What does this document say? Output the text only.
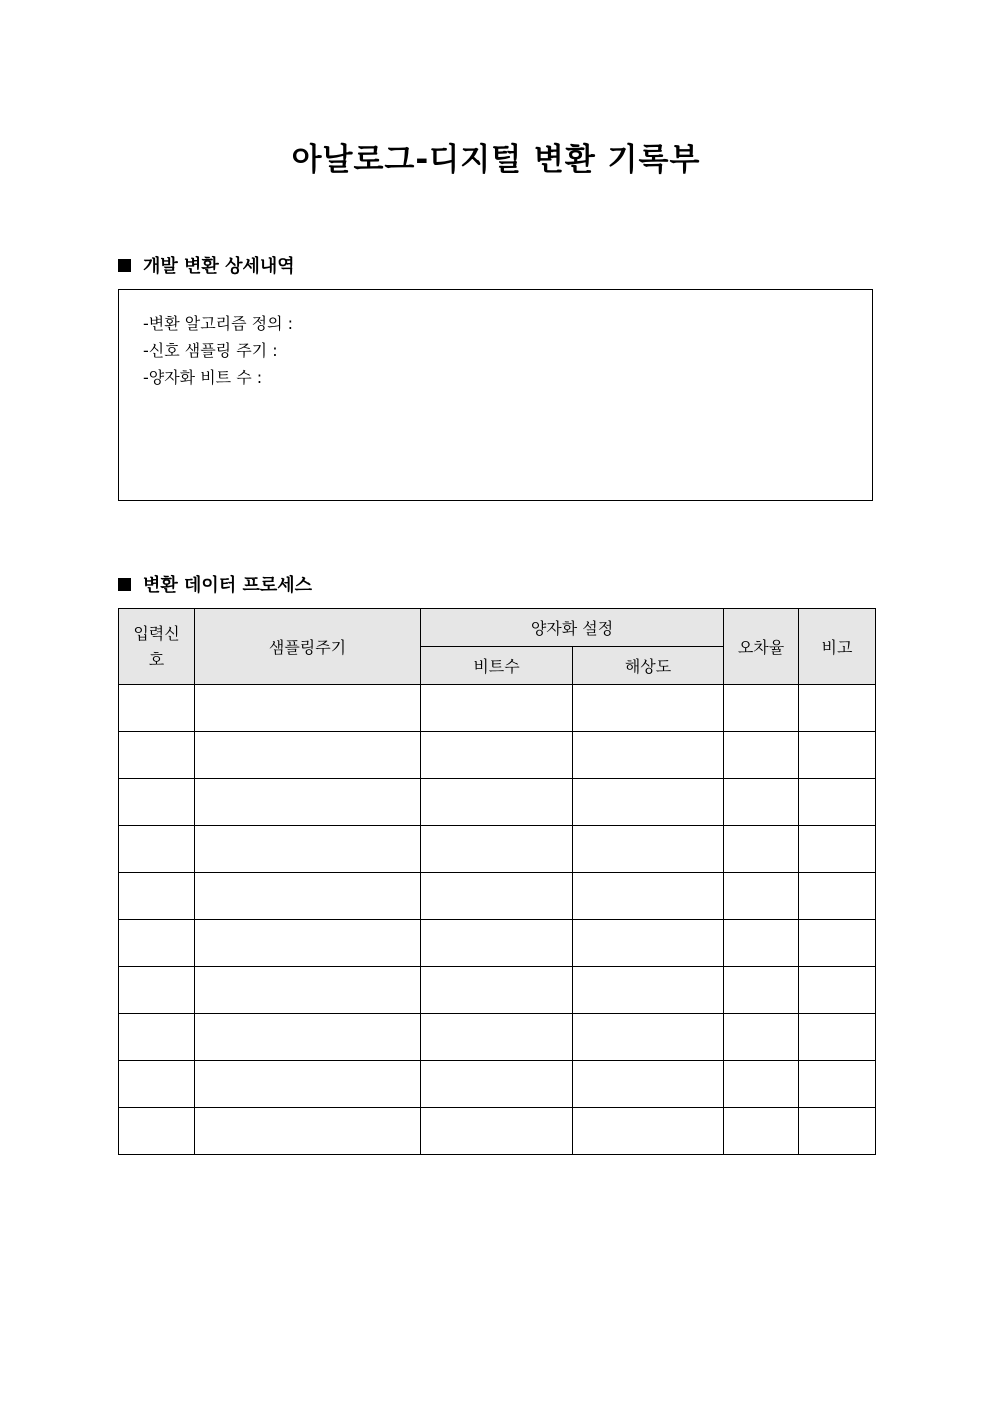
아날로그-디지털 변환 기록부
개발 변환 상세내역
-변환 알고리즘 정의 :
-신호 샘플링 주기 :
-양자화 비트 수 :
변환 데이터 프로세스
입력신호	샘플링주기	양자화 설정		오차율	비고
		비트수	해상도		
